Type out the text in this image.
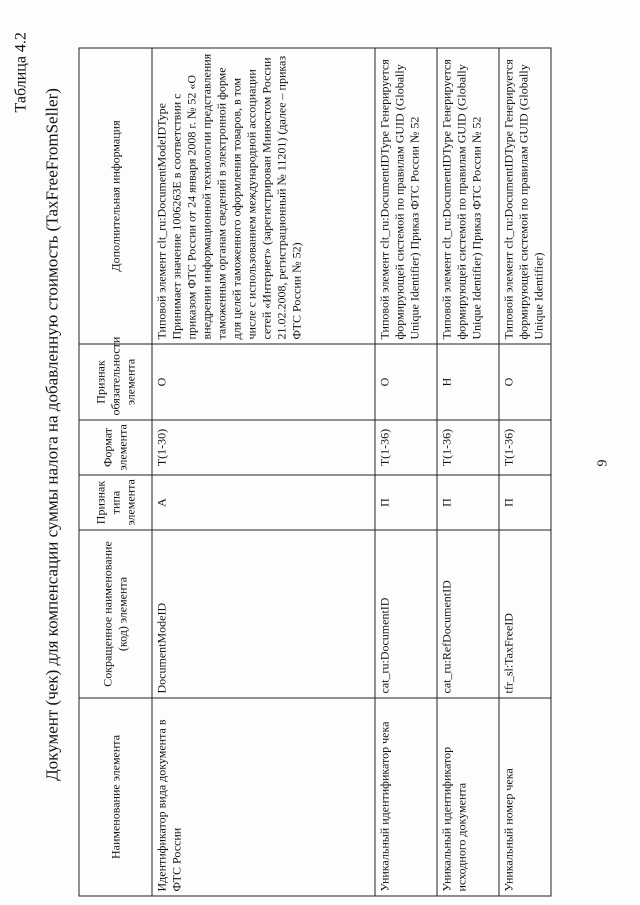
9
Таблица 4.2
Документ (чек) для компенсации суммы налога на добавленную стоимость (TaxFreeFromSeller)
Наименование элемента	Сокращенное наименование (код) элемента	Признак типа элемента	Формат элемента	Признак обязательности элемента	Дополнительная информация
Идентификатор вида документа в ФТС России	DocumentModeID	А	Т(1-30)	О	Типовой элемент clt_ru:DocumentModeIDType Принимает значение 1006263Е в соответствии с приказом ФТС России от 24 января 2008 г. № 52 «О внедрении информационной технологии представления таможенным органам сведений в электронной форме для целей таможенного оформления товаров, в том числе с использованием международной ассоциации сетей «Интернет» (зарегистрирован Минюстом России 21.02.2008, регистрационный № 11201) (далее – приказ ФТС России № 52)
Уникальный идентификатор чека	cat_ru:DocumentID	П	Т(1-36)	О	Типовой элемент clt_ru:DocumentIDType Генерируется формирующей системой по правилам GUID (Globally Unique Identifier) Приказ ФТС России № 52
Уникальный идентификатор исходного документа	cat_ru:RefDocumentID	П	Т(1-36)	Н	Типовой элемент clt_ru:DocumentIDType Генерируется формирующей системой по правилам GUID (Globally Unique Identifier) Приказ ФТС России № 52
Уникальный номер чека	tfr_sl:TaxFreeID	П	Т(1-36)	О	Типовой элемент clt_ru:DocumentIDType Генерируется формирующей системой по правилам GUID (Globally Unique Identifier)
